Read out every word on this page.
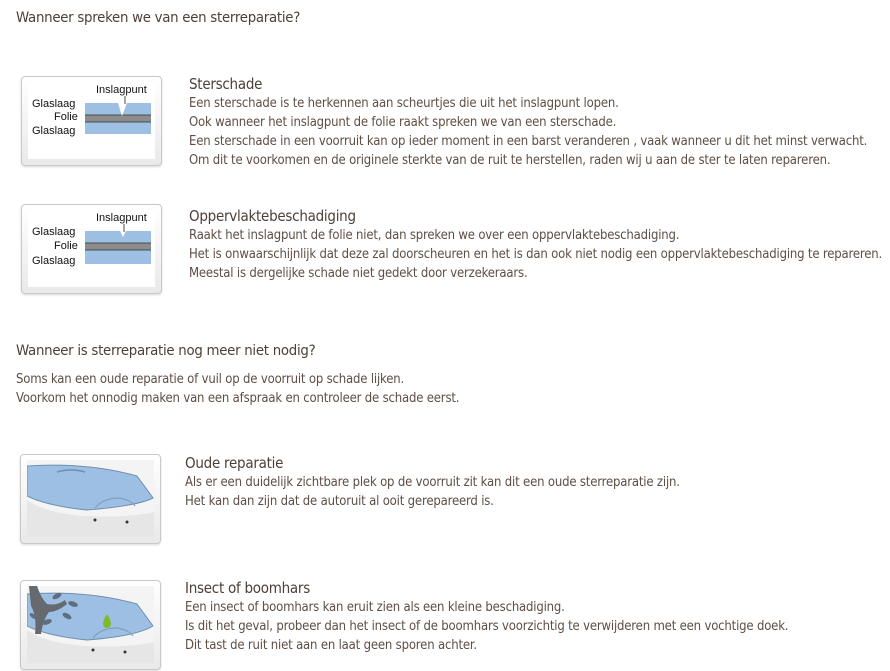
Wanneer spreken we van een sterreparatie?
Inslagpunt
Glaslaag
Folie
Glaslaag
Sterschade
Een sterschade is te herkennen aan scheurtjes die uit het inslagpunt lopen.
Ook wanneer het inslagpunt de folie raakt spreken we van een sterschade.
Een sterschade in een voorruit kan op ieder moment in een barst veranderen , vaak wanneer u dit het minst verwacht.
Om dit te voorkomen en de originele sterkte van de ruit te herstellen, raden wij u aan de ster te laten repareren.
Inslagpunt
Glaslaag
Folie
Glaslaag
Oppervlaktebeschadiging
Raakt het inslagpunt de folie niet, dan spreken we over een oppervlaktebeschadiging.
Het is onwaarschijnlijk dat deze zal doorscheuren en het is dan ook niet nodig een oppervlaktebeschadiging te repareren.
Meestal is dergelijke schade niet gedekt door verzekeraars.
Wanneer is sterreparatie nog meer niet nodig?
Soms kan een oude reparatie of vuil op de voorruit op schade lijken.
Voorkom het onnodig maken van een afspraak en controleer de schade eerst.
Oude reparatie
Als er een duidelijk zichtbare plek op de voorruit zit kan dit een oude sterreparatie zijn.
Het kan dan zijn dat de autoruit al ooit gerepareerd is.
Insect of boomhars
Een insect of boomhars kan eruit zien als een kleine beschadiging.
Is dit het geval, probeer dan het insect of de boomhars voorzichtig te verwijderen met een vochtige doek.
Dit tast de ruit niet aan en laat geen sporen achter.
